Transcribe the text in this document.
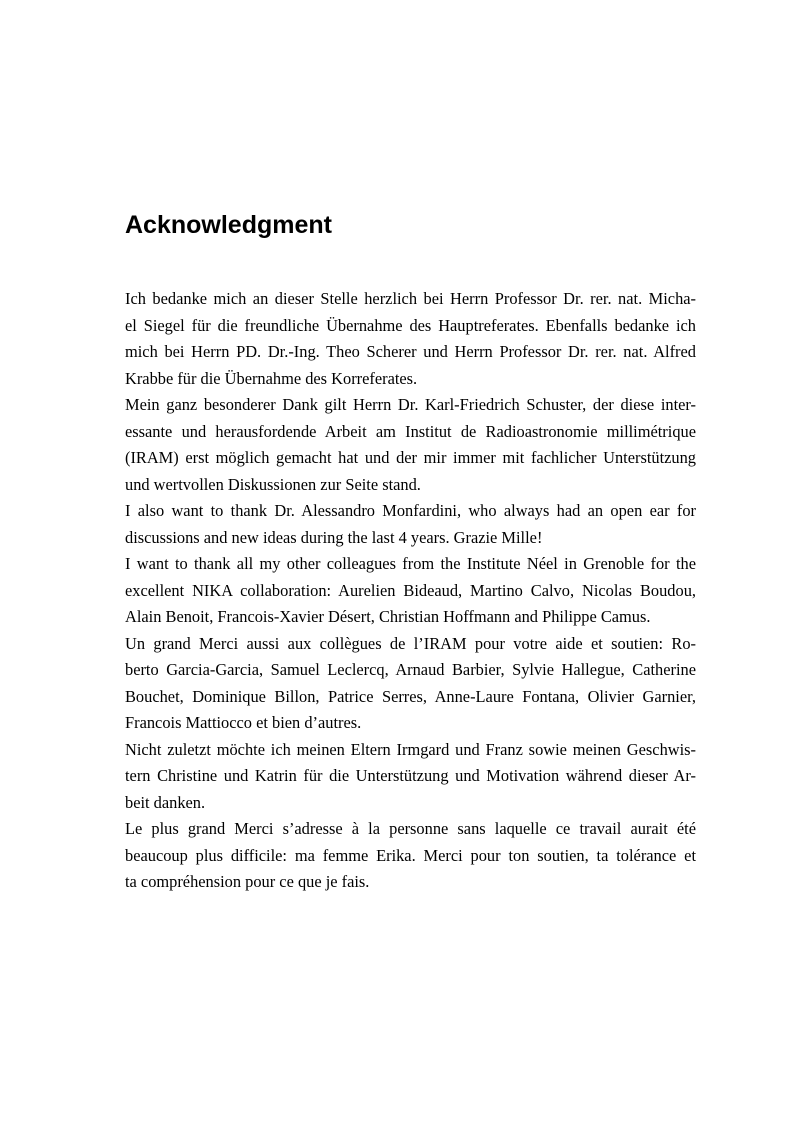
Acknowledgment

Ich bedanke mich an dieser Stelle herzlich bei Herrn Professor Dr. rer. nat. Micha-
el Siegel für die freundliche Übernahme des Hauptreferates. Ebenfalls bedanke ich
mich bei Herrn PD. Dr.-Ing. Theo Scherer und Herrn Professor Dr. rer. nat. Alfred
Krabbe für die Übernahme des Korreferates.

Mein ganz besonderer Dank gilt Herrn Dr. Karl-Friedrich Schuster, der diese inter-
essante und herausfordende Arbeit am Institut de Radioastronomie millimétrique
(IRAM) erst möglich gemacht hat und der mir immer mit fachlicher Unterstützung
und wertvollen Diskussionen zur Seite stand.

I also want to thank Dr. Alessandro Monfardini, who always had an open ear for
discussions and new ideas during the last 4 years. Grazie Mille!

I want to thank all my other colleagues from the Institute Néel in Grenoble for the
excellent NIKA collaboration: Aurelien Bideaud, Martino Calvo, Nicolas Boudou,
Alain Benoit, Francois-Xavier Désert, Christian Hoffmann and Philippe Camus.

Un grand Merci aussi aux collègues de l’IRAM pour votre aide et soutien: Ro-
berto Garcia-Garcia, Samuel Leclercq, Arnaud Barbier, Sylvie Hallegue, Catherine
Bouchet, Dominique Billon, Patrice Serres, Anne-Laure Fontana, Olivier Garnier,
Francois Mattiocco et bien d’autres.

Nicht zuletzt möchte ich meinen Eltern Irmgard und Franz sowie meinen Geschwis-
tern Christine und Katrin für die Unterstützung und Motivation während dieser Ar-
beit danken.

Le plus grand Merci s’adresse à la personne sans laquelle ce travail aurait été
beaucoup plus difficile: ma femme Erika. Merci pour ton soutien, ta tolérance et
ta compréhension pour ce que je fais.
